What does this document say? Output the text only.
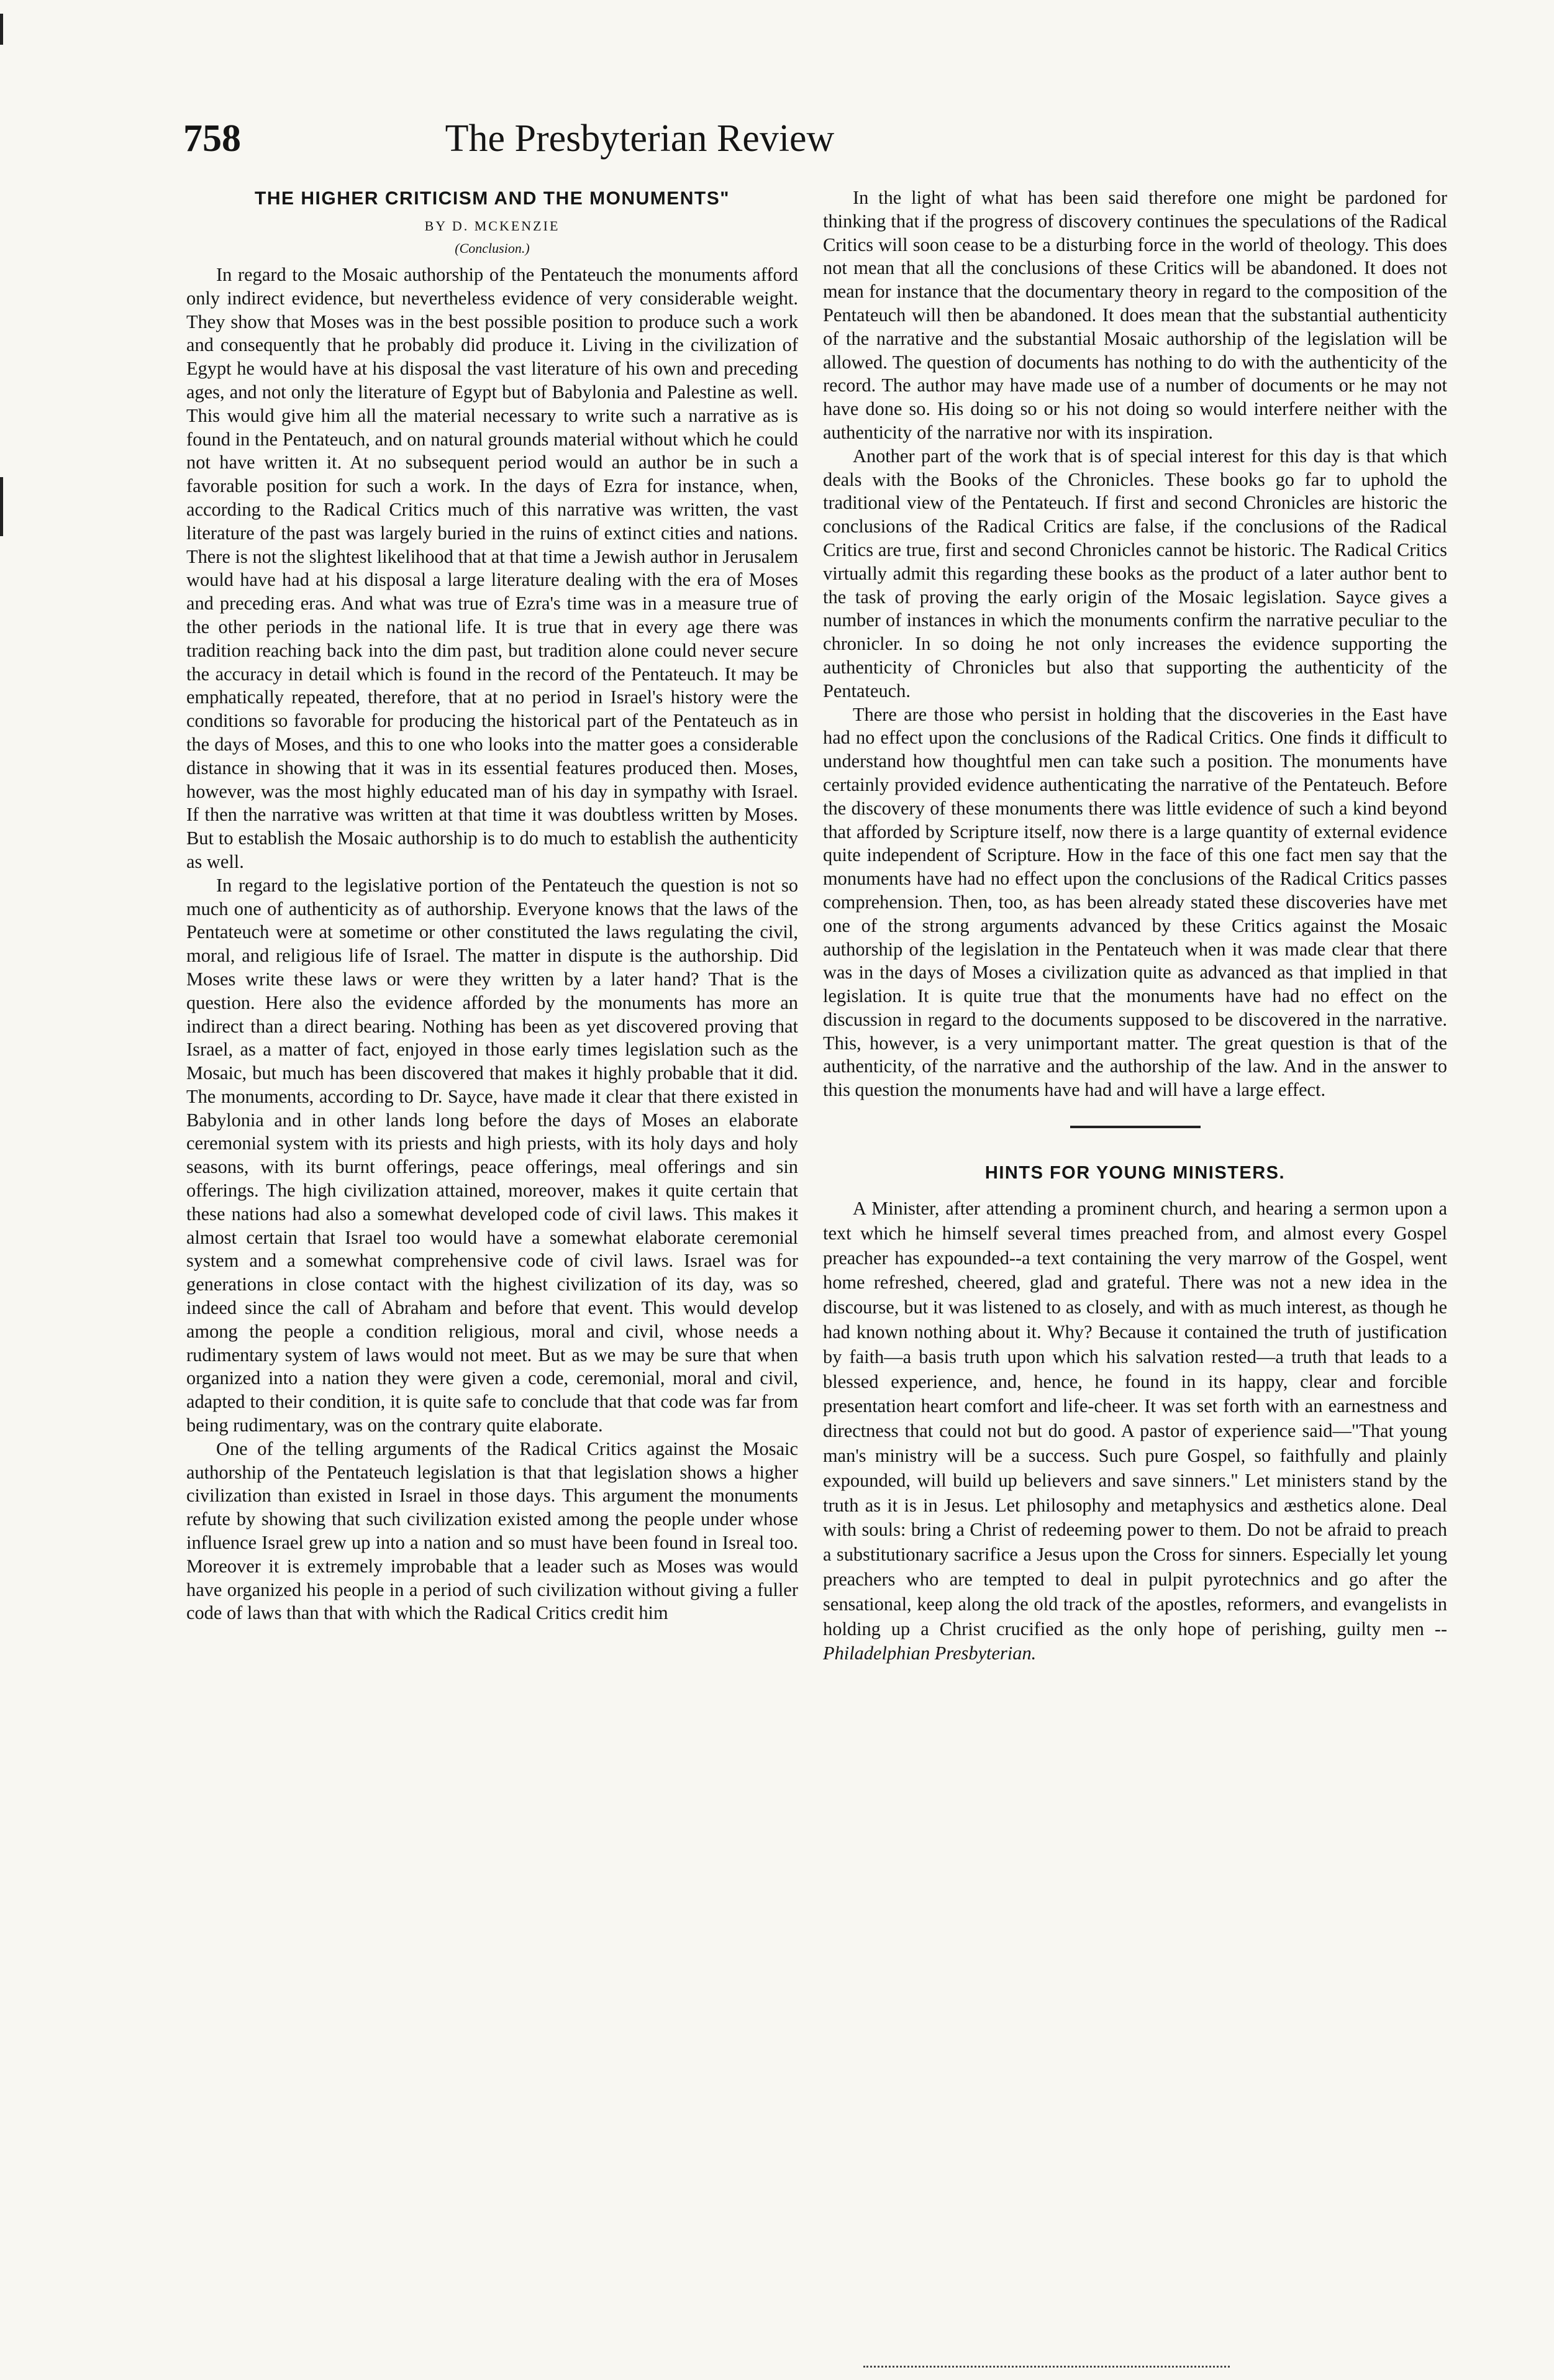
758	The Presbyterian Review
THE HIGHER CRITICISM AND THE MONUMENTS"
BY D. MCKENZIE
(Conclusion.)

In regard to the Mosaic authorship of the Pentateuch the monuments afford only indirect evidence, but nevertheless evidence of very considerable weight. They show that Moses was in the best possible position to produce such a work and consequently that he probably did produce it. Living in the civilization of Egypt he would have at his disposal the vast literature of his own and preceding ages, and not only the literature of Egypt but of Babylonia and Palestine as well. This would give him all the material necessary to write such a narrative as is found in the Pentateuch, and on natural grounds material without which he could not have written it. At no subsequent period would an author be in such a favorable position for such a work. In the days of Ezra for instance, when, according to the Radical Critics much of this narrative was written, the vast literature of the past was largely buried in the ruins of extinct cities and nations. There is not the slightest likelihood that at that time a Jewish author in Jerusalem would have had at his disposal a large literature dealing with the era of Moses and preceding eras. And what was true of Ezra's time was in a measure true of the other periods in the national life. It is true that in every age there was tradition reaching back into the dim past, but tradition alone could never secure the accuracy in detail which is found in the record of the Pentateuch. It may be emphatically repeated, therefore, that at no period in Israel's history were the conditions so favorable for producing the historical part of the Pentateuch as in the days of Moses, and this to one who looks into the matter goes a considerable distance in showing that it was in its essential features produced then. Moses, however, was the most highly educated man of his day in sympathy with Israel. If then the narrative was written at that time it was doubtless written by Moses. But to establish the Mosaic authorship is to do much to establish the authenticity as well.

In regard to the legislative portion of the Pentateuch the question is not so much one of authenticity as of authorship. Everyone knows that the laws of the Pentateuch were at sometime or other constituted the laws regulating the civil, moral, and religious life of Israel. The matter in dispute is the authorship. Did Moses write these laws or were they written by a later hand? That is the question. Here also the evidence afforded by the monuments has more an indirect than a direct bearing. Nothing has been as yet discovered proving that Israel, as a matter of fact, enjoyed in those early times legislation such as the Mosaic, but much has been discovered that makes it highly probable that it did. The monuments, according to Dr. Sayce, have made it clear that there existed in Babylonia and in other lands long before the days of Moses an elaborate ceremonial system with its priests and high priests, with its holy days and holy seasons, with its burnt offerings, peace offerings, meal offerings and sin offerings. The high civilization attained, moreover, makes it quite certain that these nations had also a somewhat developed code of civil laws. This makes it almost certain that Israel too would have a somewhat elaborate ceremonial system and a somewhat comprehensive code of civil laws. Israel was for generations in close contact with the highest civilization of its day, was so indeed since the call of Abraham and before that event. This would develop among the people a condition religious, moral and civil, whose needs a rudimentary system of laws would not meet. But as we may be sure that when organized into a nation they were given a code, ceremonial, moral and civil, adapted to their condition, it is quite safe to conclude that that code was far from being rudimentary, was on the contrary quite elaborate.

One of the telling arguments of the Radical Critics against the Mosaic authorship of the Pentateuch legislation is that that legislation shows a higher civilization than existed in Israel in those days. This argument the monuments refute by showing that such civilization existed among the people under whose influence Israel grew up into a nation and so must have been found in Isreal too. Moreover it is extremely improbable that a leader such as Moses was would have organized his people in a period of such civilization without giving a fuller code of laws than that with which the Radical Critics credit him

In the light of what has been said therefore one might be pardoned for thinking that if the progress of discovery continues the speculations of the Radical Critics will soon cease to be a disturbing force in the world of theology. This does not mean that all the conclusions of these Critics will be abandoned. It does not mean for instance that the documentary theory in regard to the composition of the Pentateuch will then be abandoned. It does mean that the substantial authenticity of the narrative and the substantial Mosaic authorship of the legislation will be allowed. The question of documents has nothing to do with the authenticity of the record. The author may have made use of a number of documents or he may not have done so. His doing so or his not doing so would interfere neither with the authenticity of the narrative nor with its inspiration.

Another part of the work that is of special interest for this day is that which deals with the Books of the Chronicles. These books go far to uphold the traditional view of the Pentateuch. If first and second Chronicles are historic the conclusions of the Radical Critics are false, if the conclusions of the Radical Critics are true, first and second Chronicles cannot be historic. The Radical Critics virtually admit this regarding these books as the product of a later author bent to the task of proving the early origin of the Mosaic legislation. Sayce gives a number of instances in which the monuments confirm the narrative peculiar to the chronicler. In so doing he not only increases the evidence supporting the authenticity of Chronicles but also that supporting the authenticity of the Pentateuch.

There are those who persist in holding that the discoveries in the East have had no effect upon the conclusions of the Radical Critics. One finds it difficult to understand how thoughtful men can take such a position. The monuments have certainly provided evidence authenticating the narrative of the Pentateuch. Before the discovery of these monuments there was little evidence of such a kind beyond that afforded by Scripture itself, now there is a large quantity of external evidence quite independent of Scripture. How in the face of this one fact men say that the monuments have had no effect upon the conclusions of the Radical Critics passes comprehension. Then, too, as has been already stated these discoveries have met one of the strong arguments advanced by these Critics against the Mosaic authorship of the legislation in the Pentateuch when it was made clear that there was in the days of Moses a civilization quite as advanced as that implied in that legislation. It is quite true that the monuments have had no effect on the discussion in regard to the documents supposed to be discovered in the narrative. This, however, is a very unimportant matter. The great question is that of the authenticity, of the narrative and the authorship of the law. And in the answer to this question the monuments have had and will have a large effect.

HINTS FOR YOUNG MINISTERS.

A Minister, after attending a prominent church, and hearing a sermon upon a text which he himself several times preached from, and almost every Gospel preacher has expounded--a text containing the very marrow of the Gospel, went home refreshed, cheered, glad and grateful. There was not a new idea in the discourse, but it was listened to as closely, and with as much interest, as though he had known nothing about it. Why? Because it contained the truth of justification by faith—a basis truth upon which his salvation rested—a truth that leads to a blessed experience, and, hence, he found in its happy, clear and forcible presentation heart comfort and life-cheer. It was set forth with an earnestness and directness that could not but do good. A pastor of experience said—"That young man's ministry will be a success. Such pure Gospel, so faithfully and plainly expounded, will build up believers and save sinners." Let ministers stand by the truth as it is in Jesus. Let philosophy and metaphysics and æsthetics alone. Deal with souls: bring a Christ of redeeming power to them. Do not be afraid to preach a substitutionary sacrifice a Jesus upon the Cross for sinners. Especially let young preachers who are tempted to deal in pulpit pyrotechnics and go after the sensational, keep along the old track of the apostles, reformers, and evangelists in holding up a Christ crucified as the only hope of perishing, guilty men -- Philadelphian Presbyterian.
